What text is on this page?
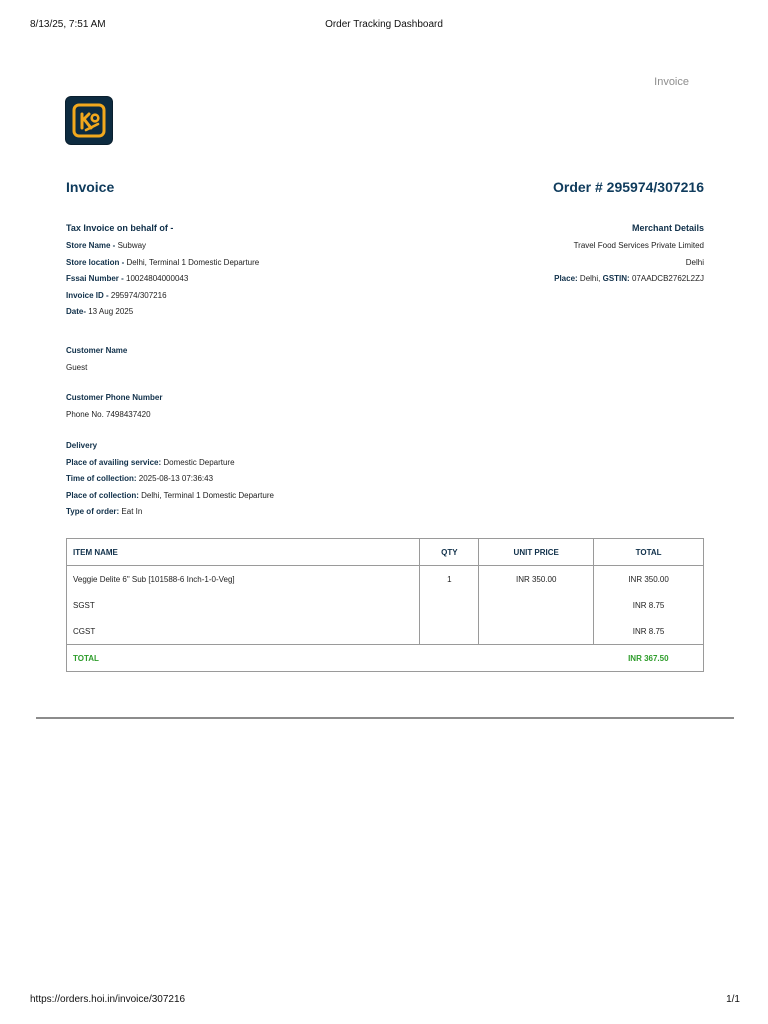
8/13/25, 7:51 AM	Order Tracking Dashboard
Invoice
Invoice	Order # 295974/307216
Tax Invoice on behalf of -
Store Name - Subway
Store location - Delhi, Terminal 1 Domestic Departure
Fssai Number - 10024804000043
Invoice ID - 295974/307216
Date- 13 Aug 2025
Merchant Details
Travel Food Services Private Limited
Delhi
Place: Delhi, GSTIN: 07AADCB2762L2ZJ
Customer Name
Guest
Customer Phone Number
Phone No. 7498437420
Delivery
Place of availing service: Domestic Departure
Time of collection: 2025-08-13 07:36:43
Place of collection: Delhi, Terminal 1 Domestic Departure
Type of order: Eat In
ITEM NAME	QTY	UNIT PRICE	TOTAL
Veggie Delite 6" Sub [101588-6 Inch-1-0-Veg]	1	INR 350.00	INR 350.00
SGST			INR 8.75
CGST			INR 8.75
TOTAL			INR 367.50
https://orders.hoi.in/invoice/307216	1/1
